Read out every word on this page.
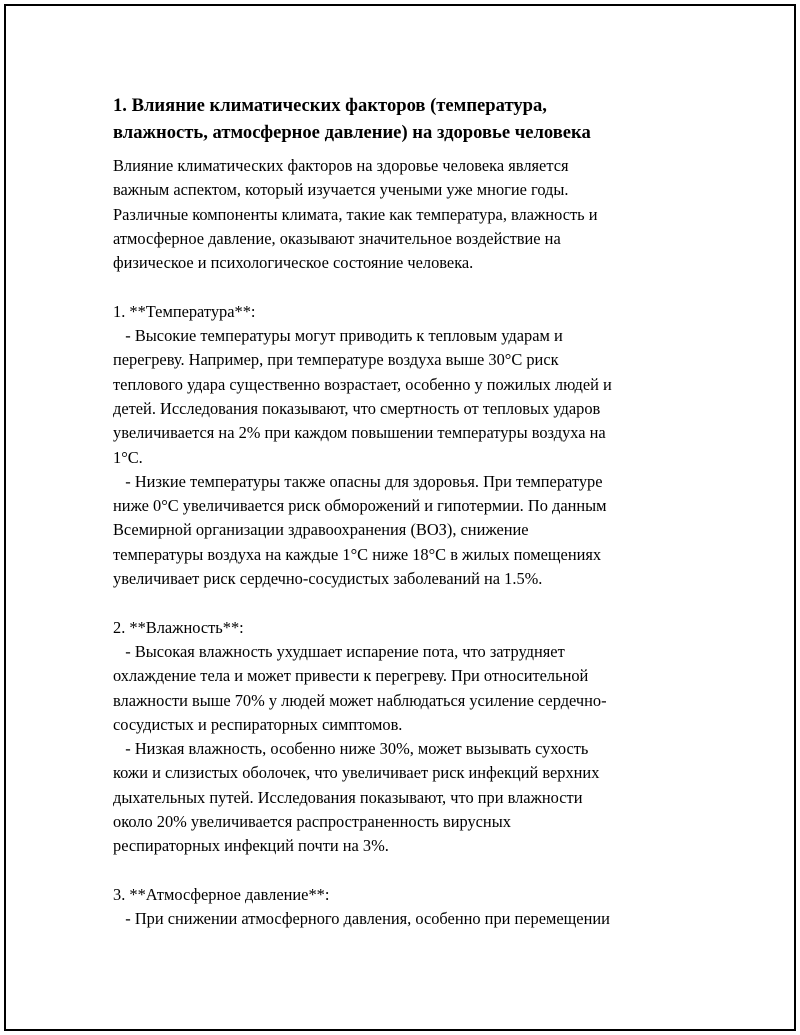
1. Влияние климатических факторов (температура,
влажность, атмосферное давление) на здоровье человека
Влияние климатических факторов на здоровье человека является
важным аспектом, который изучается учеными уже многие годы.
Различные компоненты климата, такие как температура, влажность и
атмосферное давление, оказывают значительное воздействие на
физическое и психологическое состояние человека.
1. **Температура**:
- Высокие температуры могут приводить к тепловым ударам и
перегреву. Например, при температуре воздуха выше 30°C риск
теплового удара существенно возрастает, особенно у пожилых людей и
детей. Исследования показывают, что смертность от тепловых ударов
увеличивается на 2% при каждом повышении температуры воздуха на
1°C.
- Низкие температуры также опасны для здоровья. При температуре
ниже 0°C увеличивается риск обморожений и гипотермии. По данным
Всемирной организации здравоохранения (ВОЗ), снижение
температуры воздуха на каждые 1°C ниже 18°C в жилых помещениях
увеличивает риск сердечно-сосудистых заболеваний на 1.5%.
2. **Влажность**:
- Высокая влажность ухудшает испарение пота, что затрудняет
охлаждение тела и может привести к перегреву. При относительной
влажности выше 70% у людей может наблюдаться усиление сердечно-
сосудистых и респираторных симптомов.
- Низкая влажность, особенно ниже 30%, может вызывать сухость
кожи и слизистых оболочек, что увеличивает риск инфекций верхних
дыхательных путей. Исследования показывают, что при влажности
около 20% увеличивается распространенность вирусных
респираторных инфекций почти на 3%.
3. **Атмосферное давление**:
- При снижении атмосферного давления, особенно при перемещении
